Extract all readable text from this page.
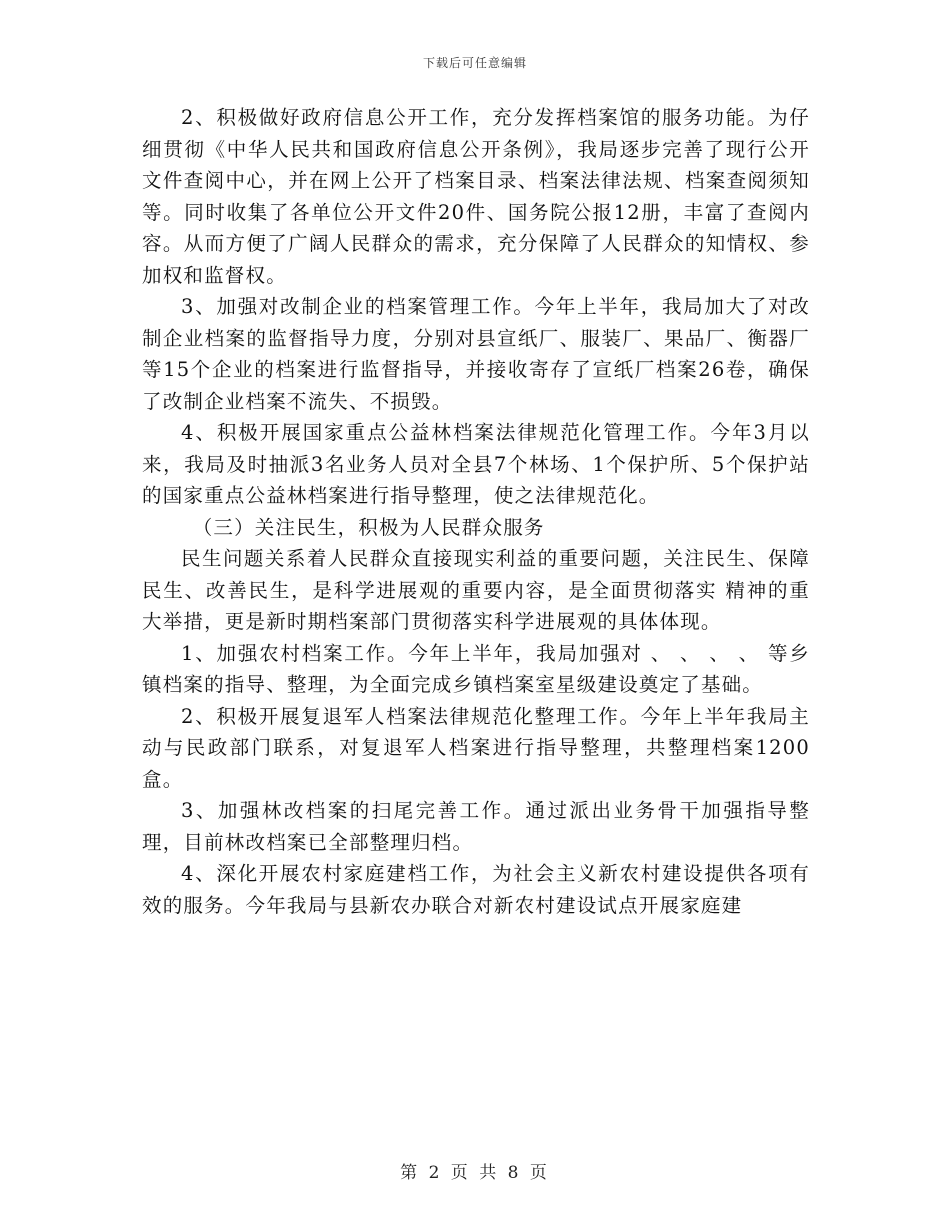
下载后可任意编辑

2、积极做好政府信息公开工作，充分发挥档案馆的服务功能。为仔细贯彻《中华人民共和国政府信息公开条例》，我局逐步完善了现行公开文件查阅中心，并在网上公开了档案目录、档案法律法规、档案查阅须知等。同时收集了各单位公开文件20件、国务院公报12册，丰富了查阅内容。从而方便了广阔人民群众的需求，充分保障了人民群众的知情权、参加权和监督权。

3、加强对改制企业的档案管理工作。今年上半年，我局加大了对改制企业档案的监督指导力度，分别对县宣纸厂、服装厂、果品厂、衡器厂等15个企业的档案进行监督指导，并接收寄存了宣纸厂档案26卷，确保了改制企业档案不流失、不损毁。

4、积极开展国家重点公益林档案法律规范化管理工作。今年3月以来，我局及时抽派3名业务人员对全县7个林场、1个保护所、5个保护站的国家重点公益林档案进行指导整理，使之法律规范化。

（三）关注民生，积极为人民群众服务

民生问题关系着人民群众直接现实利益的重要问题，关注民生、保障民生、改善民生，是科学进展观的重要内容，是全面贯彻落实 精神的重大举措，更是新时期档案部门贯彻落实科学进展观的具体体现。

1、加强农村档案工作。今年上半年，我局加强对 、 、 、 、 等乡镇档案的指导、整理，为全面完成乡镇档案室星级建设奠定了基础。

2、积极开展复退军人档案法律规范化整理工作。今年上半年我局主动与民政部门联系，对复退军人档案进行指导整理，共整理档案1200盒。

3、加强林改档案的扫尾完善工作。通过派出业务骨干加强指导整理，目前林改档案已全部整理归档。

4、深化开展农村家庭建档工作，为社会主义新农村建设提供各项有效的服务。今年我局与县新农办联合对新农村建设试点开展家庭建

第 2 页 共 8 页
